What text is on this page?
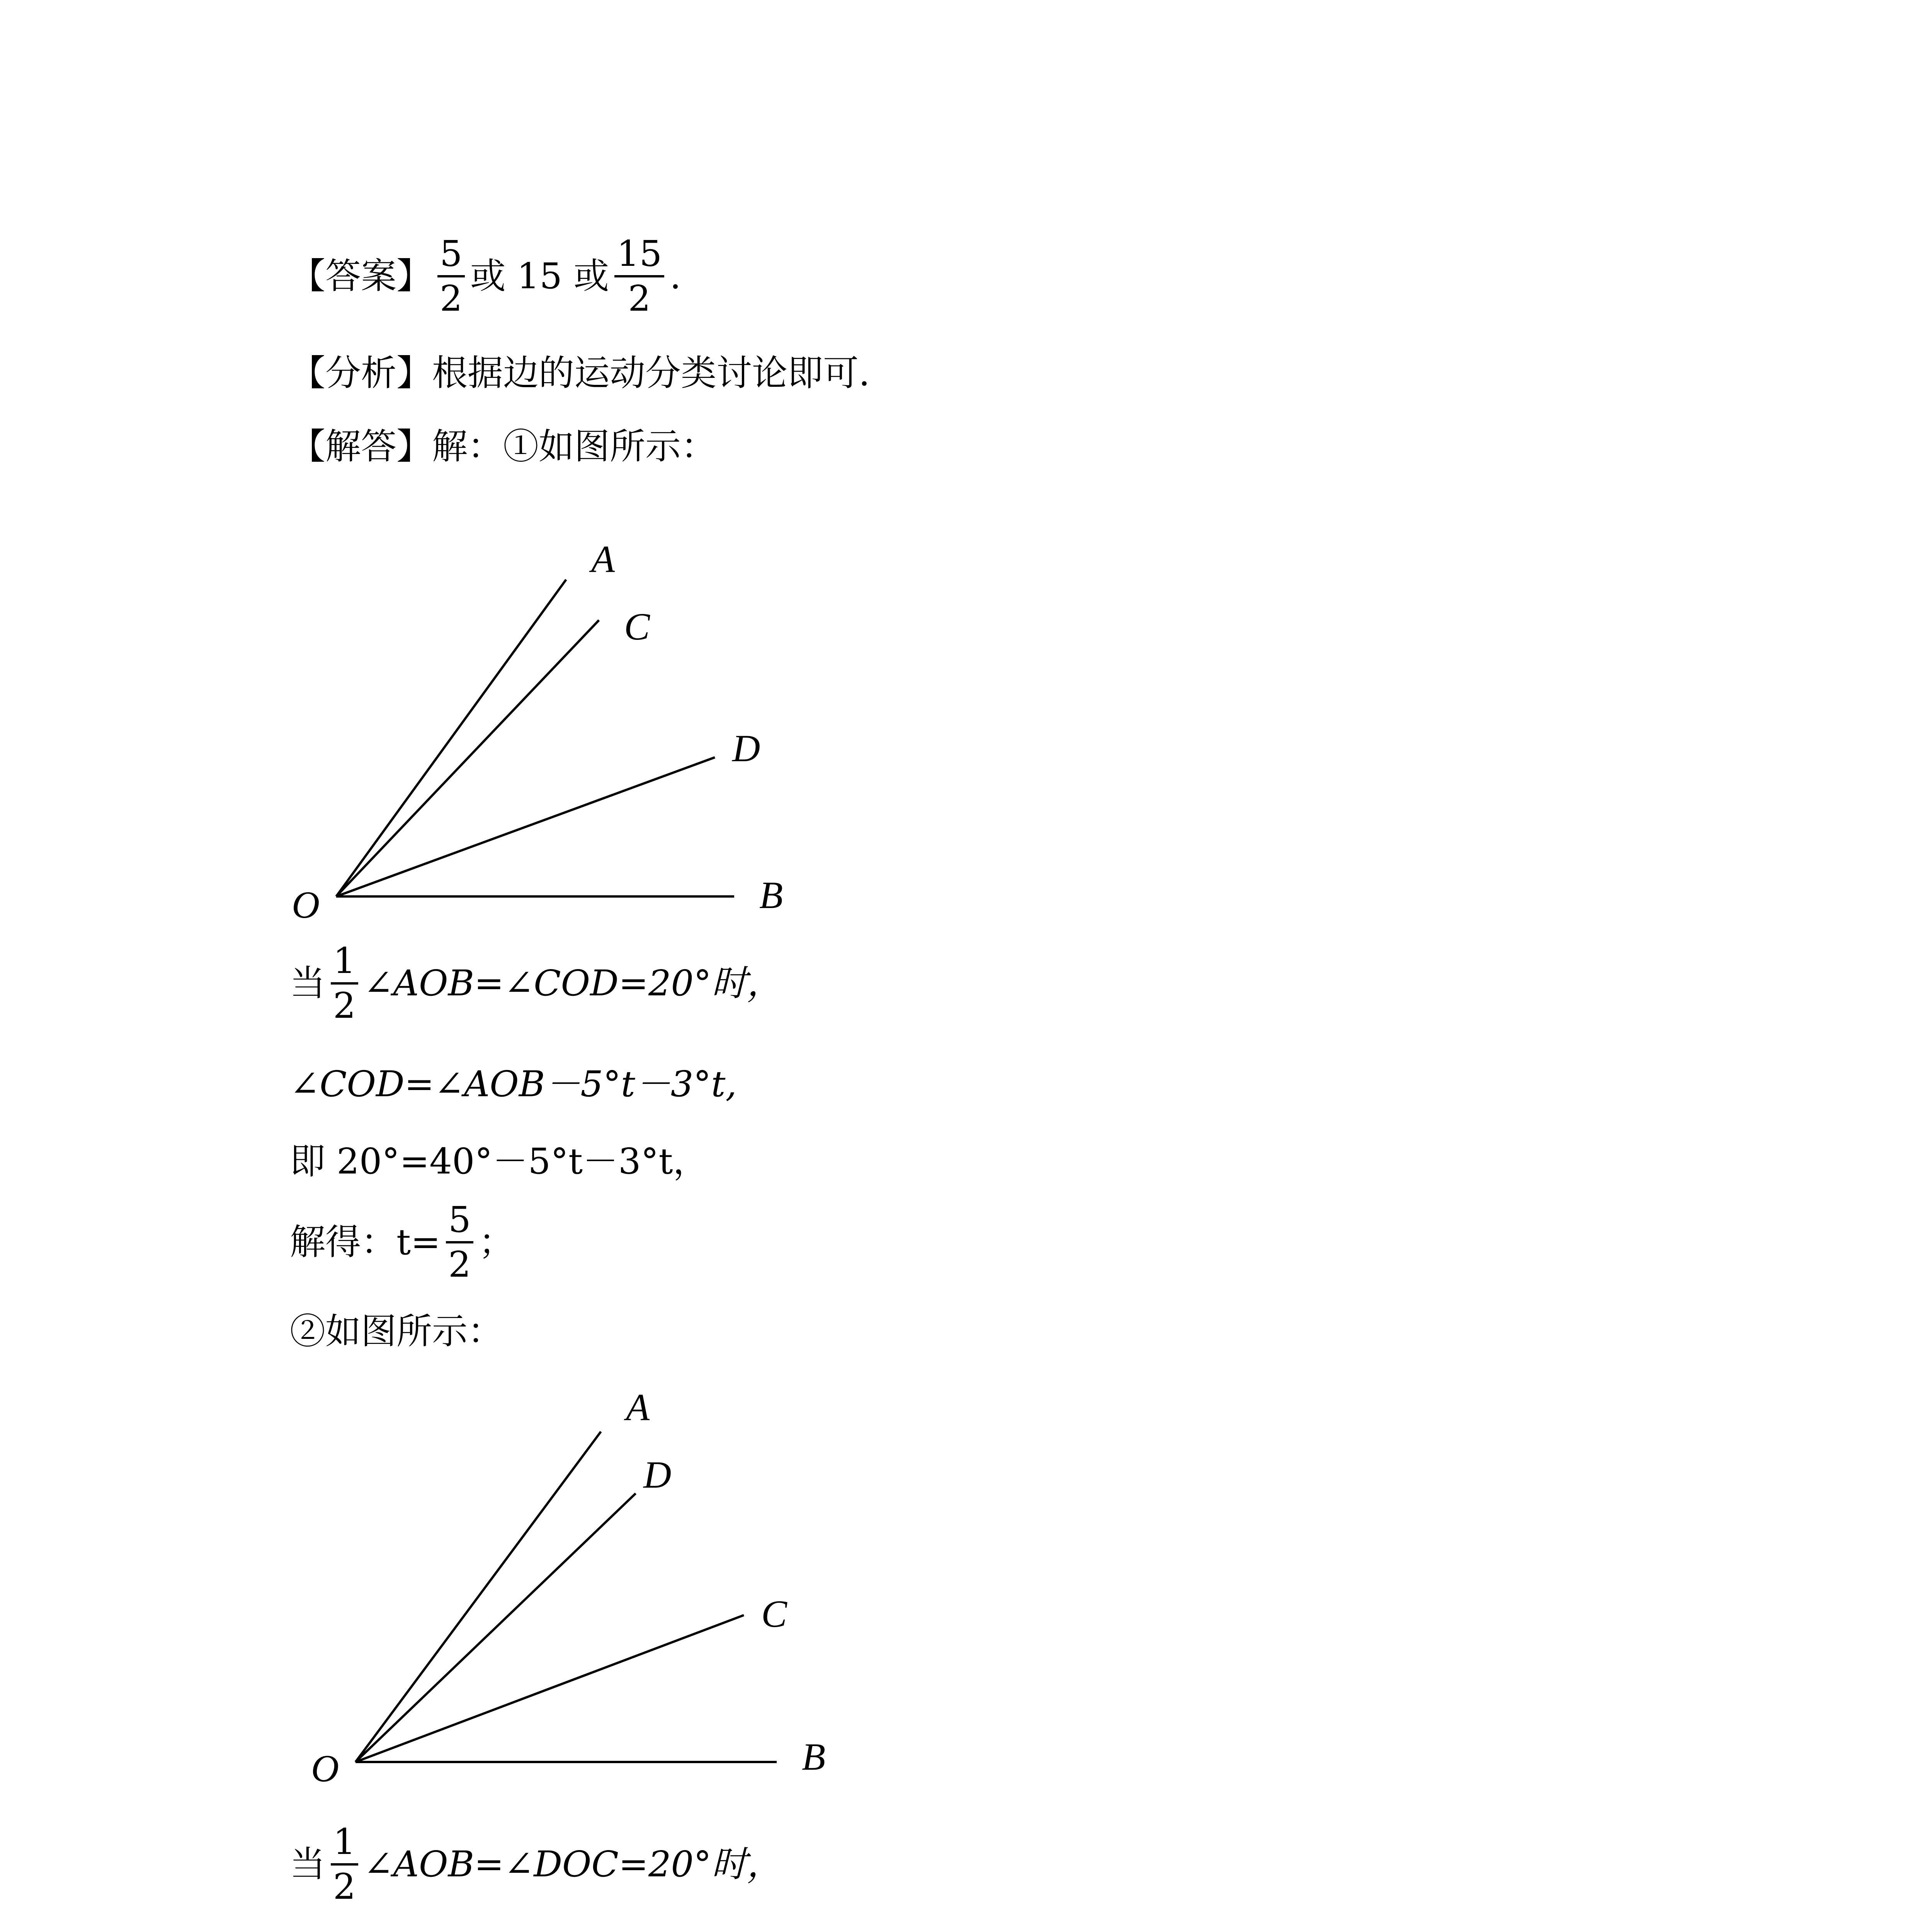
【答案】 $\frac{5}{2}$ 或 15 或 $\frac{15}{2}$ .
【分析】 根据边的运动分类讨论即可.
【解答】 解：①如图所示：
A
C
D
O	B
当 $\frac{1}{2}$ ∠AOB=∠COD=20°时，
∠COD=∠AOB－5°t－3°t,
即 20°=40°－5°t－3°t，
解得：$t= \frac{5}{2}$ ；
②如图所示：
A
D
C
O	B
当 $\frac{1}{2}$ ∠AOB=∠DOC=20°时，
